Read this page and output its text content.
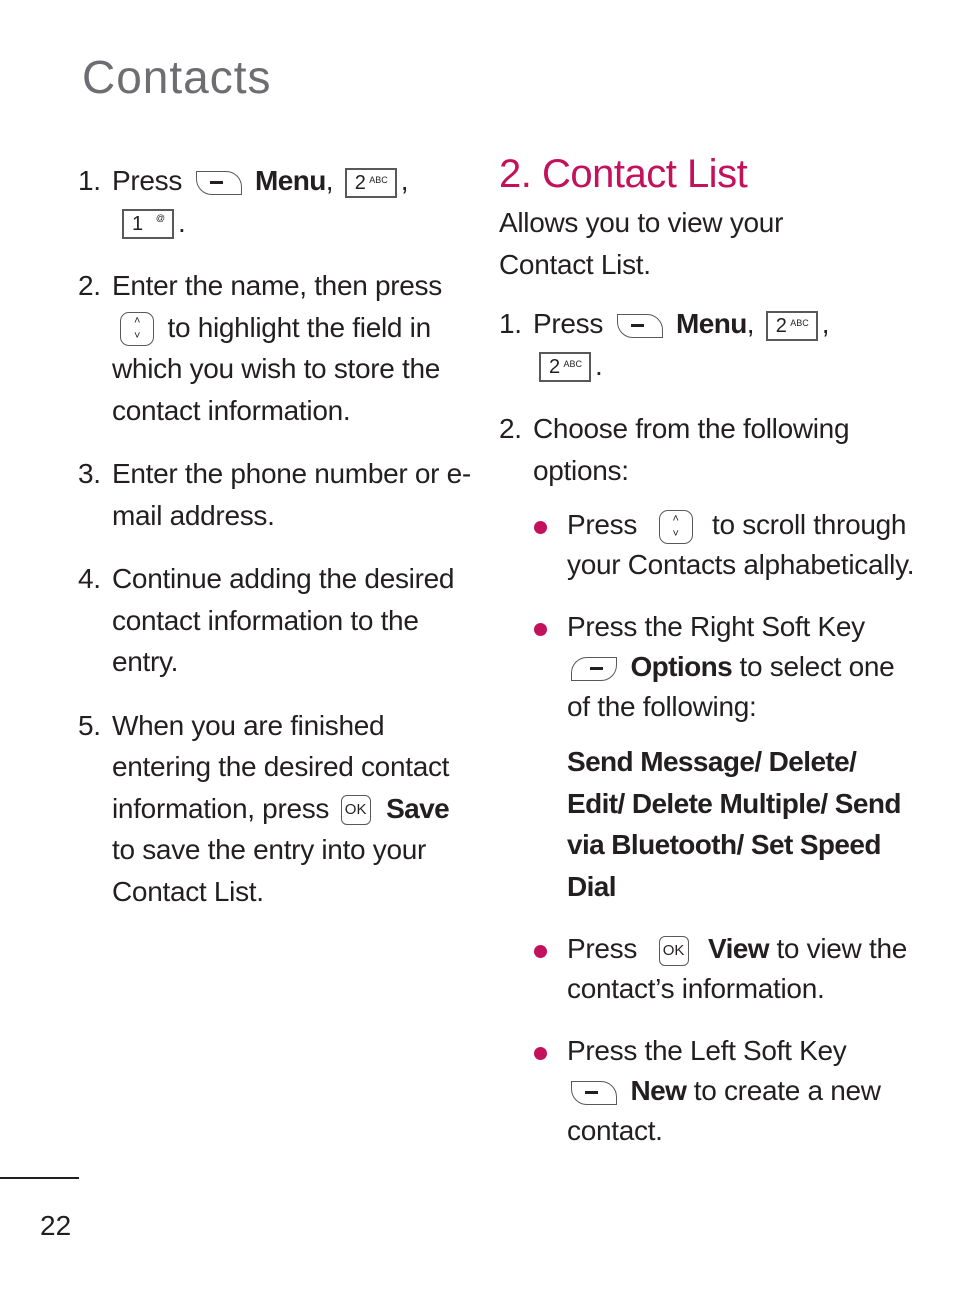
Contacts
1. Press	Menu, 2 ABC ,
1 @ .
2. Enter the name, then press

˄
˅ to highlight the field in which you wish to store the contact information.
3. Enter the phone number or e-mail address.
4. Continue adding the desired contact information to the entry.
5. When you are finished entering the desired contact information, press OK Save to save the entry into your Contact List.
2. Contact List
Allows you to view your Contact List.
1. Press	Menu, 2 ABC ,
2 ABC .
2. Choose from the following options:
Press	˄
˅	to scroll through your Contacts alphabetically.
Press the Right Soft Key
Options to select one of the following:
Send Message/ Delete/ Edit/ Delete Multiple/ Send via Bluetooth/ Set Speed Dial
Press OK View to view the contact’s information.
Press the Left Soft Key
New to create a new contact.
22
